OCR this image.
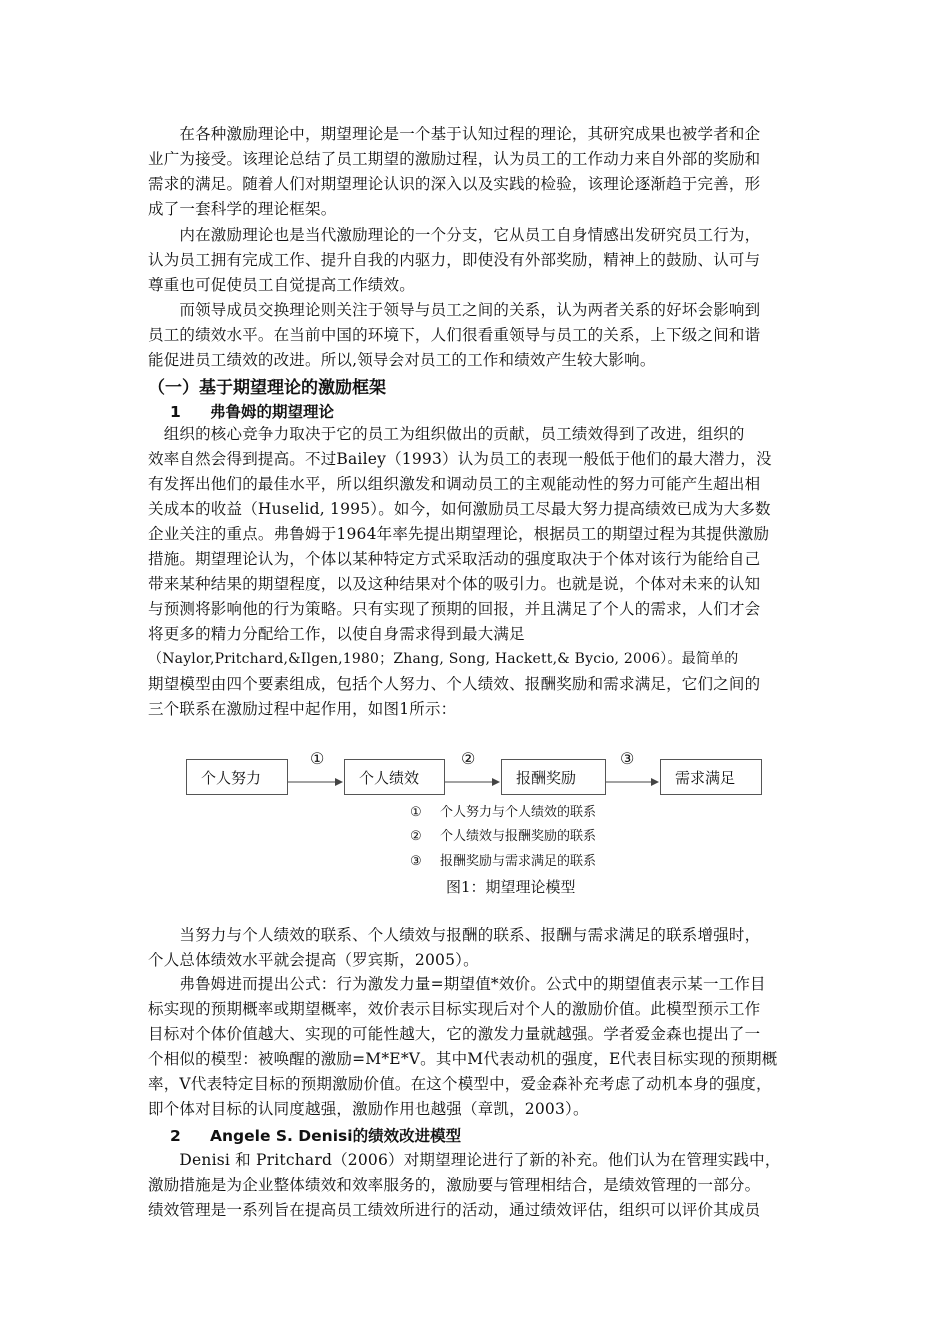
　　在各种激励理论中，期望理论是一个基于认知过程的理论，其研究成果也被学者和企
业广为接受。该理论总结了员工期望的激励过程，认为员工的工作动力来自外部的奖励和
需求的满足。随着人们对期望理论认识的深入以及实践的检验，该理论逐渐趋于完善，形
成了一套科学的理论框架。
　　内在激励理论也是当代激励理论的一个分支，它从员工自身情感出发研究员工行为，
认为员工拥有完成工作、提升自我的内驱力，即使没有外部奖励，精神上的鼓励、认可与
尊重也可促使员工自觉提高工作绩效。
　　而领导成员交换理论则关注于领导与员工之间的关系，认为两者关系的好坏会影响到
员工的绩效水平。在当前中国的环境下，人们很看重领导与员工的关系，上下级之间和谐
能促进员工绩效的改进。所以,领导会对员工的工作和绩效产生较大影响。
（一）基于期望理论的激励框架
1 弗鲁姆的期望理论
　组织的核心竞争力取决于它的员工为组织做出的贡献，员工绩效得到了改进，组织的
效率自然会得到提高。不过Bailey（1993）认为员工的表现一般低于他们的最大潜力，没
有发挥出他们的最佳水平，所以组织激发和调动员工的主观能动性的努力可能产生超出相
关成本的收益（Huselid, 1995）。如今，如何激励员工尽最大努力提高绩效已成为大多数
企业关注的重点。弗鲁姆于1964年率先提出期望理论，根据员工的期望过程为其提供激励
措施。期望理论认为，个体以某种特定方式采取活动的强度取决于个体对该行为能给自己
带来某种结果的期望程度，以及这种结果对个体的吸引力。也就是说，个体对未来的认知
与预测将影响他的行为策略。只有实现了预期的回报，并且满足了个人的需求，人们才会
将更多的精力分配给工作，以使自身需求得到最大满足
（Naylor,Pritchard,&Ilgen,1980；Zhang, Song, Hackett,& Bycio, 2006）。最简单的
期望模型由四个要素组成，包括个人努力、个人绩效、报酬奖励和需求满足，它们之间的
三个联系在激励过程中起作用，如图1所示：
个人努力	个人绩效	报酬奖励	需求满足
①	②	③
① 个人努力与个人绩效的联系
② 个人绩效与报酬奖励的联系
③ 报酬奖励与需求满足的联系
图1：期望理论模型
　　当努力与个人绩效的联系、个人绩效与报酬的联系、报酬与需求满足的联系增强时，
个人总体绩效水平就会提高（罗宾斯，2005）。
　　弗鲁姆进而提出公式：行为激发力量=期望值*效价。公式中的期望值表示某一工作目
标实现的预期概率或期望概率，效价表示目标实现后对个人的激励价值。此模型预示工作
目标对个体价值越大、实现的可能性越大，它的激发力量就越强。学者爱金森也提出了一
个相似的模型：被唤醒的激励=M*E*V。其中M代表动机的强度，E代表目标实现的预期概
率，V代表特定目标的预期激励价值。在这个模型中，爱金森补充考虑了动机本身的强度，
即个体对目标的认同度越强，激励作用也越强（章凯，2003）。
2 Angele S. Denisi的绩效改进模型
　　Denisi 和 Pritchard（2006）对期望理论进行了新的补充。他们认为在管理实践中，
激励措施是为企业整体绩效和效率服务的，激励要与管理相结合，是绩效管理的一部分。
绩效管理是一系列旨在提高员工绩效所进行的活动，通过绩效评估，组织可以评价其成员
